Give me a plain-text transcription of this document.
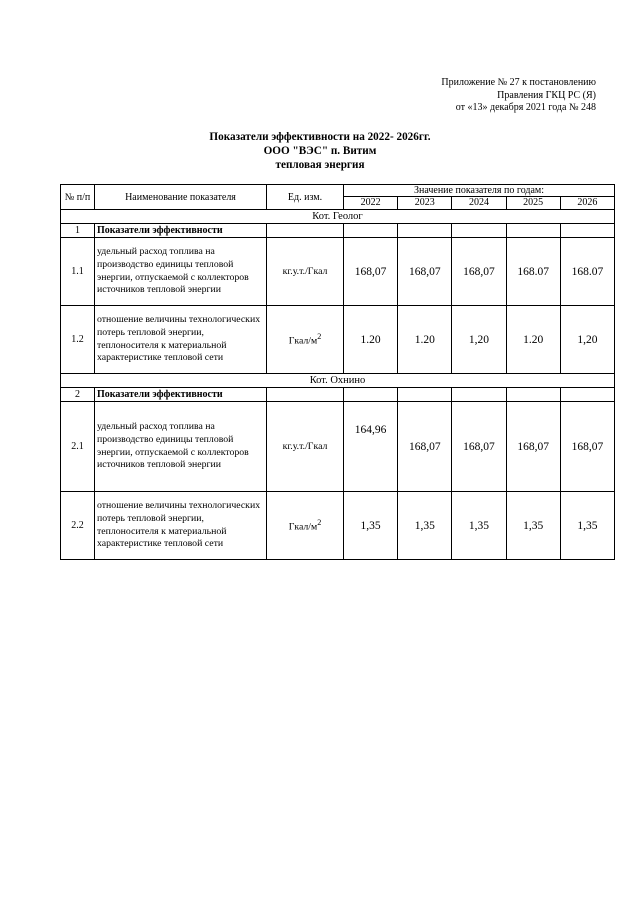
Приложение № 27 к постановлению
Правления ГКЦ РС (Я)
от «13» декабря 2021 года № 248
Показатели эффективности на 2022- 2026гг.
ООО "ВЭС" п. Витим
тепловая энергия
№ п/п	Наименование показателя	Ед. изм.	Значение показателя по годам:				
			2022	2023	2024	2025	2026
Кот. Геолог							
1	Показатели эффективности						
1.1	удельный расход топлива на производство единицы тепловой энергии, отпускаемой с коллекторов источников тепловой энергии	кг.у.т./Гкал	168,07	168,07	168,07	168.07	168.07
1.2	отношение величины технологических потерь тепловой энергии, теплоносителя к материальной характеристике тепловой сети	Гкал/$м^2$	1.20	1.20	1,20	1.20	1,20
Кот. Охнино							
2	Показатели эффективности						
2.1	удельный расход топлива на производство единицы тепловой энергии, отпускаемой с коллекторов источников тепловой энергии	кг.у.т./Гкал	164,96	168,07	168,07	168,07	168,07
2.2	отношение величины технологических потерь тепловой энергии, теплоносителя к материальной характеристике тепловой сети	Гкал/$м^2$	1,35	1,35	1,35	1,35	1,35
